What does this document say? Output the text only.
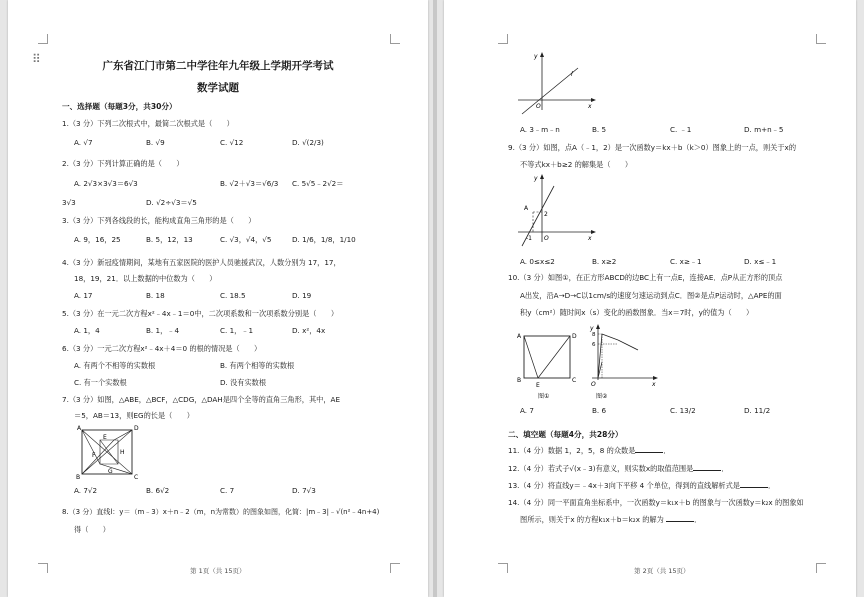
⠿	广东省江门市第二中学往年九年级上学期开学考试
数学试题
一、选择题（每题3分，共30分）
1.（3 分）下列二次根式中，最简二次根式是（　　）
A. √7	B. √9	C. √12	D. √(2/3)
2.（3 分）下列计算正确的是（　　）
A. 2√3×3√3＝6√3	B. √2＋√3＝√6/3 C. 5√5﹣2√2＝
3√3	D. √2÷√3＝√5
3.（3 分）下列各线段的长，能构成直角三角形的是（　　）
A. 9，16，25	B. 5，12，13	C. √3，√4，√5	D. 1/6，1/8，1/10
4.（3 分）新冠疫情期间，某地有五家医院的医护人员驰援武汉，人数分别为 17，17，
18，19，21．以上数据的中位数为（　　）
A. 17	B. 18	C. 18.5	D. 19
5.（3 分）在一元二次方程x²﹣4x﹣1＝0中，二次项系数和一次项系数分别是（　　）
A. 1，4	B. 1，﹣4	C. 1，﹣1	D. x²，4x
6.（3 分）一元二次方程x²﹣4x＋4＝0 的根的情况是（　　）
A. 有两个不相等的实数根	B. 有两个相等的实数根
C. 有一个实数根	D. 没有实数根
7.（3 分）如图，△ABE，△BCF，△CDG，△DAH是四个全等的直角三角形，其中，AE
＝5，AB＝13，则EG的长是（　　）
A	D
B	C
E
F
G
H
A. 7√2	B. 6√2	C. 7	D. 7√3
8.（3 分）直线l：y＝（m﹣3）x＋n﹣2（m，n为常数）的图象如图，化简：|m﹣3|﹣√(n²﹣4n+4)
得（　　）
第 1页（共 15页）
y
l
O	x
A. 3﹣m﹣n	B. 5	C. ﹣1	D. m+n﹣5
9.（3 分）如图，点A（﹣1，2）是一次函数y＝kx＋b（k＞0）图象上的一点，则关于x的
不等式kx＋b≥2 的解集是（　　）
y
A
2
-1 O	x
A. 0≤x≤2	B. x≥2	C. x≥﹣1	D. x≤﹣1
10.（3 分）如图①，在正方形ABCD的边BC上有一点E，连接AE．点P从正方形的顶点
A出发，沿A→D→C以1cm/s的速度匀速运动到点C．图②是点P运动时，△APE的面
积y（cm²）随时间x（s）变化的函数图象．当x＝7时，y的值为（　　）
A	D
B
E
C
图①
y
8
6
O	x
图②
A. 7	B. 6	C. 13/2	D. 11/2
二、填空题（每题4分，共28分）
11.（4 分）数据 1，2，5，8 的众数是	．
12.（4 分）若式子√(x﹣3)有意义，则实数x的取值范围是	．
13.（4 分）将直线y＝﹣4x＋3向下平移 4 个单位，得到的直线解析式是	．
14.（4 分）同一平面直角坐标系中，一次函数y＝k₁x＋b 的图象与一次函数y＝k₂x 的图象如
图所示，则关于x 的方程k₁x＋b＝k₂x 的解为	．
第 2页（共 15页）
